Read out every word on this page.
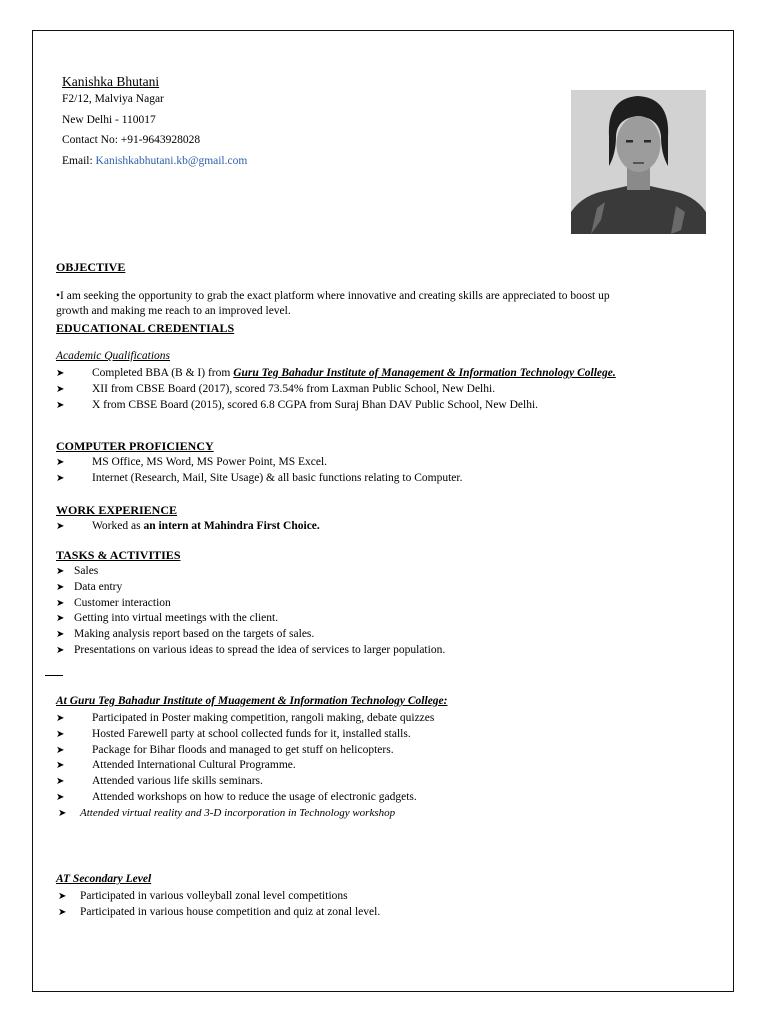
Kanishka Bhutani
F2/12, Malviya Nagar
New Delhi - 110017
Contact No: +91-9643928028
Email: Kanishkabhutani.kb@gmail.com
OBJECTIVE
•I am seeking the opportunity to grab the exact platform where innovative and creating skills are appreciated to boost up
growth and making me reach to an improved level.
EDUCATIONAL CREDENTIALS
Academic Qualifications
➤ Completed BBA (B & I) from Guru Teg Bahadur Institute of Management & Information Technology College.
➤ XII from CBSE Board (2017), scored 73.54% from Laxman Public School, New Delhi.
➤ X from CBSE Board (2015), scored 6.8 CGPA from Suraj Bhan DAV Public School, New Delhi.
COMPUTER PROFICIENCY
➤ MS Office, MS Word, MS Power Point, MS Excel.
➤ Internet (Research, Mail, Site Usage) & all basic functions relating to Computer.
WORK EXPERIENCE
➤ Worked as an intern at Mahindra First Choice.
TASKS & ACTIVITIES
➤ Sales
➤ Data entry
➤ Customer interaction
➤ Getting into virtual meetings with the client.
➤ Making analysis report based on the targets of sales.
➤ Presentations on various ideas to spread the idea of services to larger population.
At Guru Teg Bahadur Institute of Muagement & Information Technology College:
➤ Participated in Poster making competition, rangoli making, debate quizzes
➤ Hosted Farewell party at school collected funds for it, installed stalls.
➤ Package for Bihar floods and managed to get stuff on helicopters.
➤ Attended International Cultural Programme.
➤ Attended various life skills seminars.
➤ Attended workshops on how to reduce the usage of electronic gadgets.
➤ Attended virtual reality and 3-D incorporation in Technology workshop
AT Secondary Level
➤ Participated in various volleyball zonal level competitions
➤ Participated in various house competition and quiz at zonal level.
